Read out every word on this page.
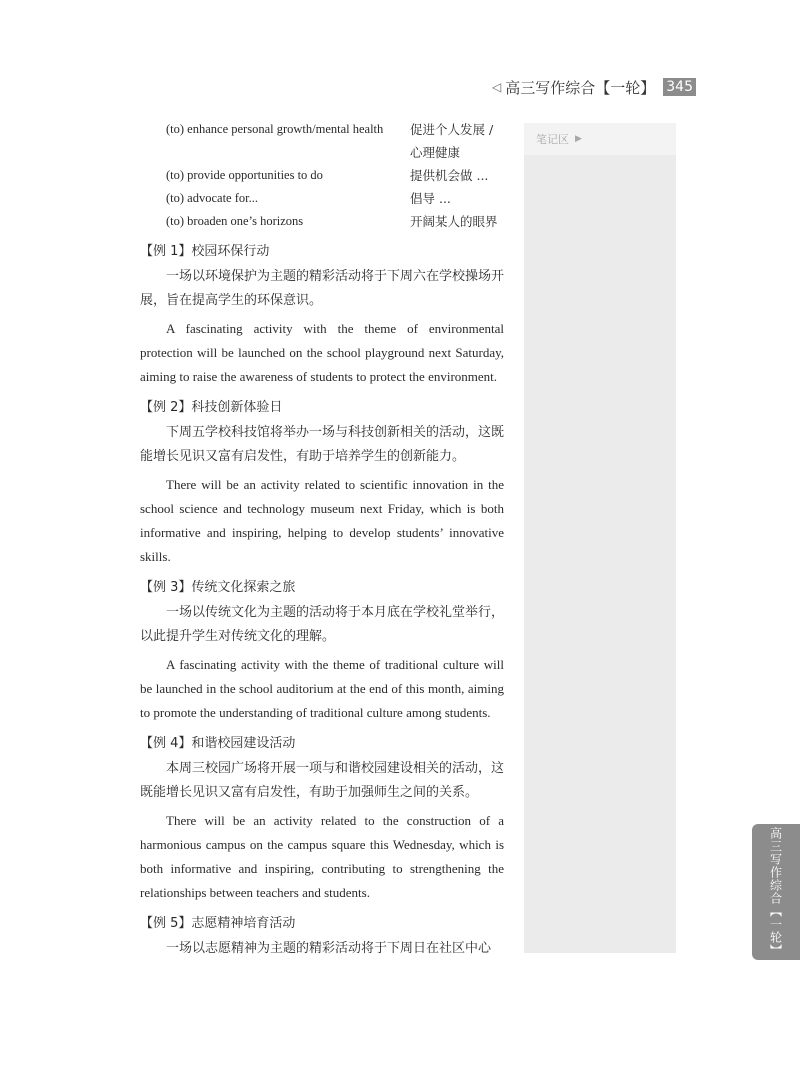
◁ 高三写作综合【一轮】 345
(to) enhance personal growth/mental health	促进个人发展 / 心理健康
(to) provide opportunities to do	提供机会做 ...
(to) advocate for...	倡导 ...
(to) broaden one’s horizons	开阔某人的眼界
【例 1】校园环保行动

一场以环境保护为主题的精彩活动将于下周六在学校操场开展，旨在提高学生的环保意识。

A fascinating activity with the theme of environmental protection will be launched on the school playground next Saturday, aiming to raise the awareness of students to protect the environment.

【例 2】科技创新体验日

下周五学校科技馆将举办一场与科技创新相关的活动，这既能增长见识又富有启发性，有助于培养学生的创新能力。

There will be an activity related to scientific innovation in the school science and technology museum next Friday, which is both informative and inspiring, helping to develop students’ innovative skills.

【例 3】传统文化探索之旅

一场以传统文化为主题的活动将于本月底在学校礼堂举行，以此提升学生对传统文化的理解。

A fascinating activity with the theme of traditional culture will be launched in the school auditorium at the end of this month, aiming to promote the understanding of traditional culture among students.

【例 4】和谐校园建设活动

本周三校园广场将开展一项与和谐校园建设相关的活动，这既能增长见识又富有启发性，有助于加强师生之间的关系。

There will be an activity related to the construction of a harmonious campus on the campus square this Wednesday, which is both informative and inspiring, contributing to strengthening the relationships between teachers and students.

【例 5】志愿精神培育活动

一场以志愿精神为主题的精彩活动将于下周日在社区中心

笔记区 ▶
高三写作综合【一轮】
